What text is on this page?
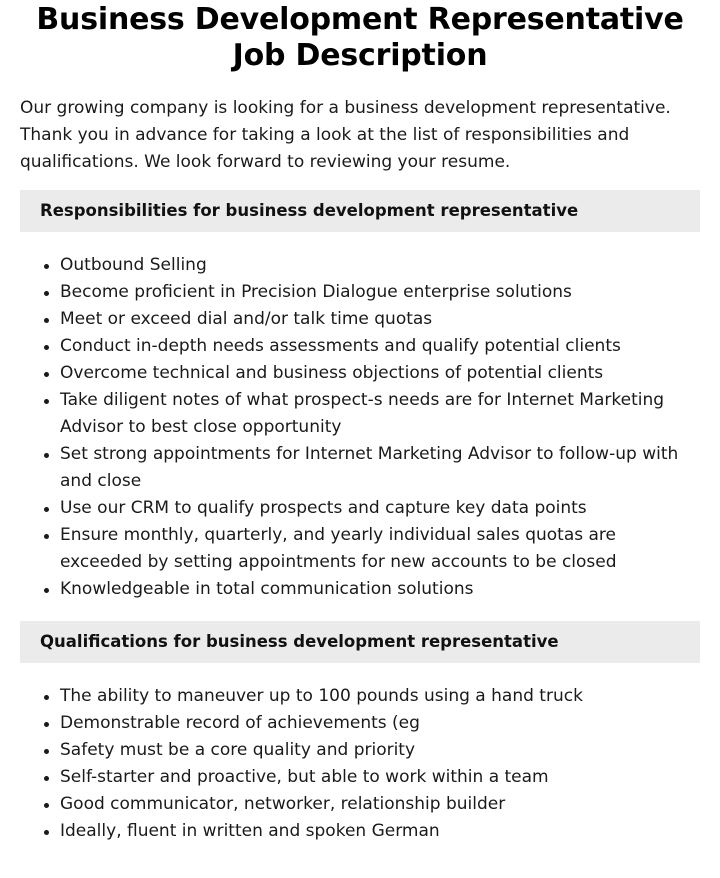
Business Development Representative Job Description

Our growing company is looking for a business development representative. Thank you in advance for taking a look at the list of responsibilities and qualifications. We look forward to reviewing your resume.

Responsibilities for business development representative
Outbound Selling
Become proficient in Precision Dialogue enterprise solutions
Meet or exceed dial and/or talk time quotas
Conduct in-depth needs assessments and qualify potential clients
Overcome technical and business objections of potential clients
Take diligent notes of what prospect-s needs are for Internet Marketing Advisor to best close opportunity
Set strong appointments for Internet Marketing Advisor to follow-up with and close
Use our CRM to qualify prospects and capture key data points
Ensure monthly, quarterly, and yearly individual sales quotas are exceeded by setting appointments for new accounts to be closed
Knowledgeable in total communication solutions
Qualifications for business development representative
The ability to maneuver up to 100 pounds using a hand truck
Demonstrable record of achievements (eg
Safety must be a core quality and priority
Self-starter and proactive, but able to work within a team
Good communicator, networker, relationship builder
Ideally, fluent in written and spoken German
